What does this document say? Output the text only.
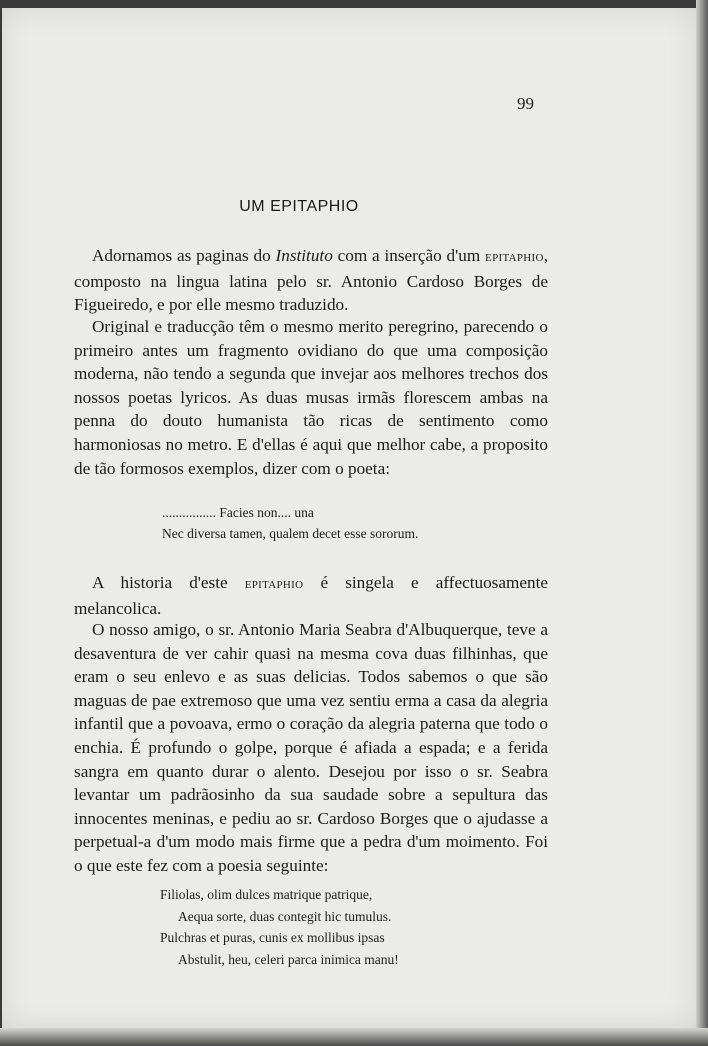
99
UM EPITAPHIO

Adornamos as paginas do Instituto com a inserção d'um epitaphio, composto na lingua latina pelo sr. Antonio Cardoso Borges de Figueiredo, e por elle mesmo traduzido.

Original e traducção têm o mesmo merito peregrino, parecendo o primeiro antes um fragmento ovidiano do que uma composição moderna, não tendo a segunda que invejar aos melhores trechos dos nossos poetas lyricos. As duas musas irmãs florescem ambas na penna do douto humanista tão ricas de sentimento como harmoniosas no metro. E d'ellas é aqui que melhor cabe, a proposito de tão formosos exemplos, dizer com o poeta:

................ Facies non.... una
Nec diversa tamen, qualem decet esse sororum.

A historia d'este epitaphio é singela e affectuosamente melancolica.

O nosso amigo, o sr. Antonio Maria Seabra d'Albuquerque, teve a desaventura de ver cahir quasi na mesma cova duas filhinhas, que eram o seu enlevo e as suas delicias. Todos sabemos o que são maguas de pae extremoso que uma vez sentiu erma a casa da alegria infantil que a povoava, ermo o coração da alegria paterna que todo o enchia. É profundo o golpe, porque é afiada a espada; e a ferida sangra em quanto durar o alento. Desejou por isso o sr. Seabra levantar um padrãosinho da sua saudade sobre a sepultura das innocentes meninas, e pediu ao sr. Cardoso Borges que o ajudasse a perpetual-a d'um modo mais firme que a pedra d'um moimento. Foi o que este fez com a poesia seguinte:

Filiolas, olim dulces matrique patrique,
Aequa sorte, duas contegit hic tumulus.
Pulchras et puras, cunis ex mollibus ipsas
Abstulit, heu, celeri parca inimica manu!
